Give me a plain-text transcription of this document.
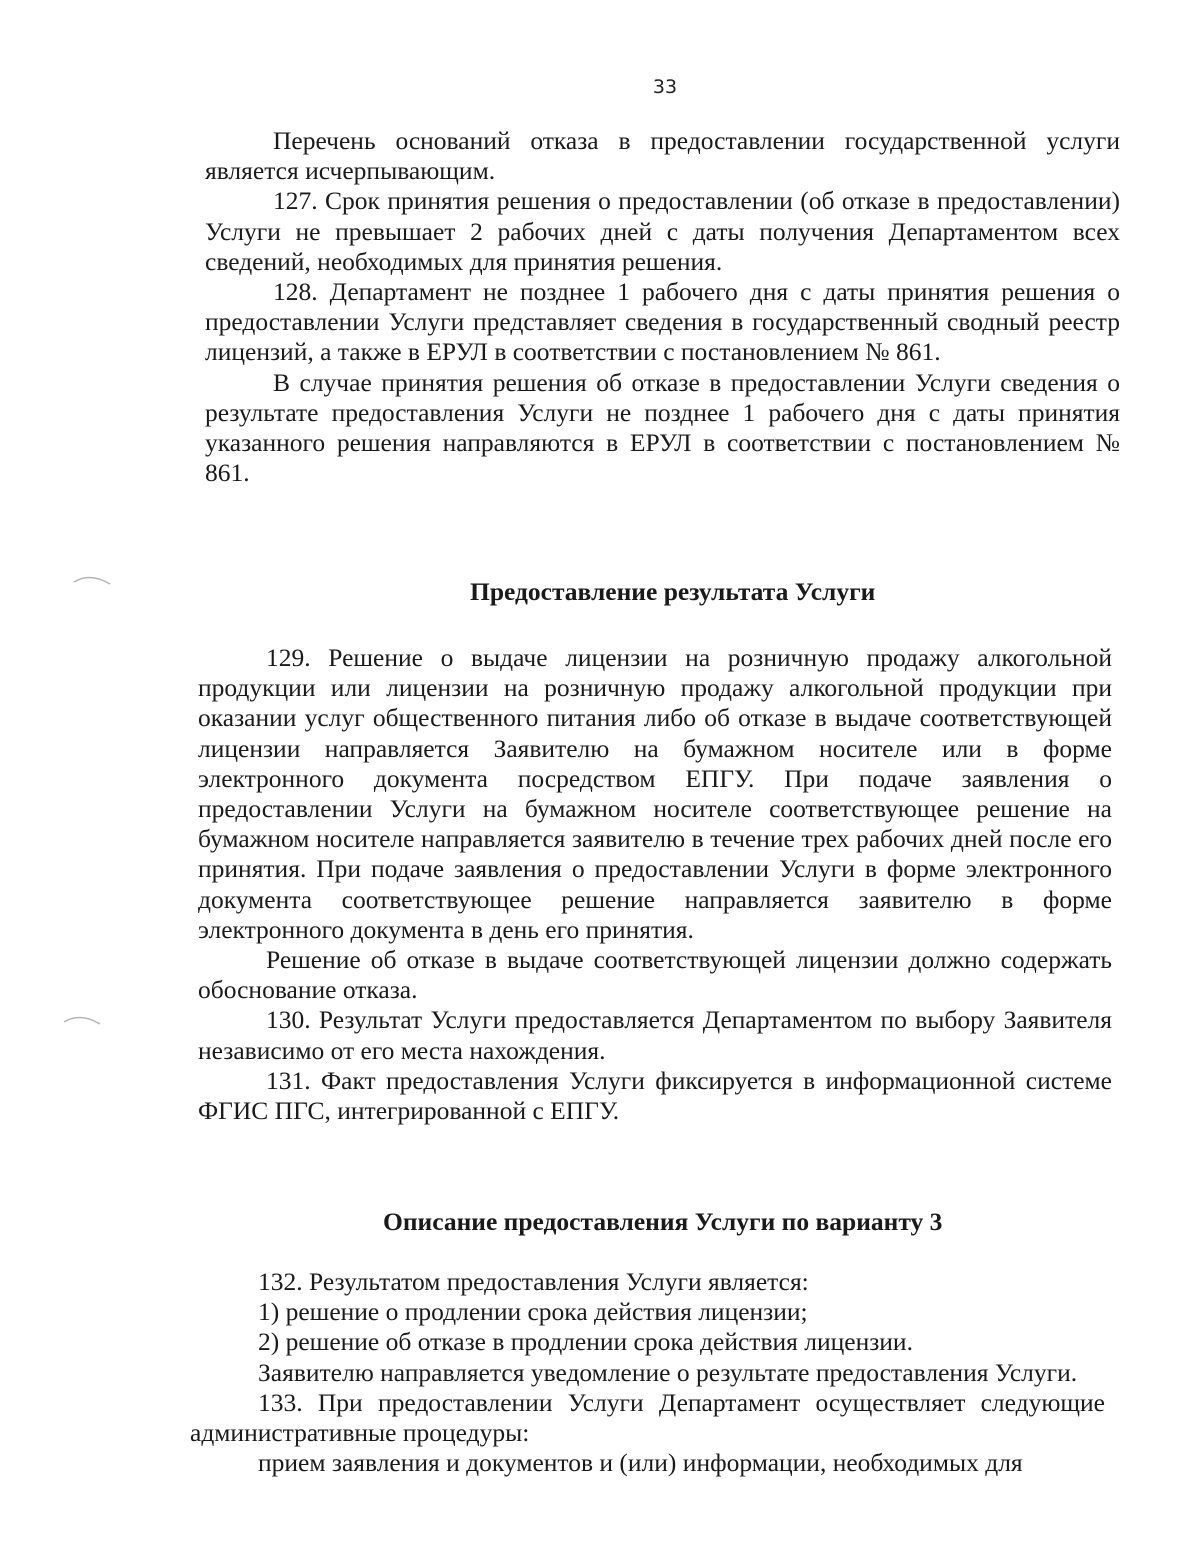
33

Перечень оснований отказа в предоставлении государственной услуги является исчерпывающим.

127. Срок принятия решения о предоставлении (об отказе в предоставлении) Услуги не превышает 2 рабочих дней с даты получения Департаментом всех сведений, необходимых для принятия решения.

128. Департамент не позднее 1 рабочего дня с даты принятия решения о предоставлении Услуги представляет сведения в государственный сводный реестр лицензий, а также в ЕРУЛ в соответствии с постановлением № 861.

В случае принятия решения об отказе в предоставлении Услуги сведения о результате предоставления Услуги не позднее 1 рабочего дня с даты принятия указанного решения направляются в ЕРУЛ в соответствии с постановлением № 861.

Предоставление результата Услуги

129. Решение о выдаче лицензии на розничную продажу алкогольной продукции или лицензии на розничную продажу алкогольной продукции при оказании услуг общественного питания либо об отказе в выдаче соответствующей лицензии направляется Заявителю на бумажном носителе или в форме электронного документа посредством ЕПГУ. При подаче заявления о предоставлении Услуги на бумажном носителе соответствующее решение на бумажном носителе направляется заявителю в течение трех рабочих дней после его принятия. При подаче заявления о предоставлении Услуги в форме электронного документа соответствующее решение направляется заявителю в форме электронного документа в день его принятия.

Решение об отказе в выдаче соответствующей лицензии должно содержать обоснование отказа.

130. Результат Услуги предоставляется Департаментом по выбору Заявителя независимо от его места нахождения.

131. Факт предоставления Услуги фиксируется в информационной системе ФГИС ПГС, интегрированной с ЕПГУ.

Описание предоставления Услуги по варианту 3

132. Результатом предоставления Услуги является:

1) решение о продлении срока действия лицензии;

2) решение об отказе в продлении срока действия лицензии.

Заявителю направляется уведомление о результате предоставления Услуги.

133. При предоставлении Услуги Департамент осуществляет следующие административные процедуры:

прием заявления и документов и (или) информации, необходимых для
